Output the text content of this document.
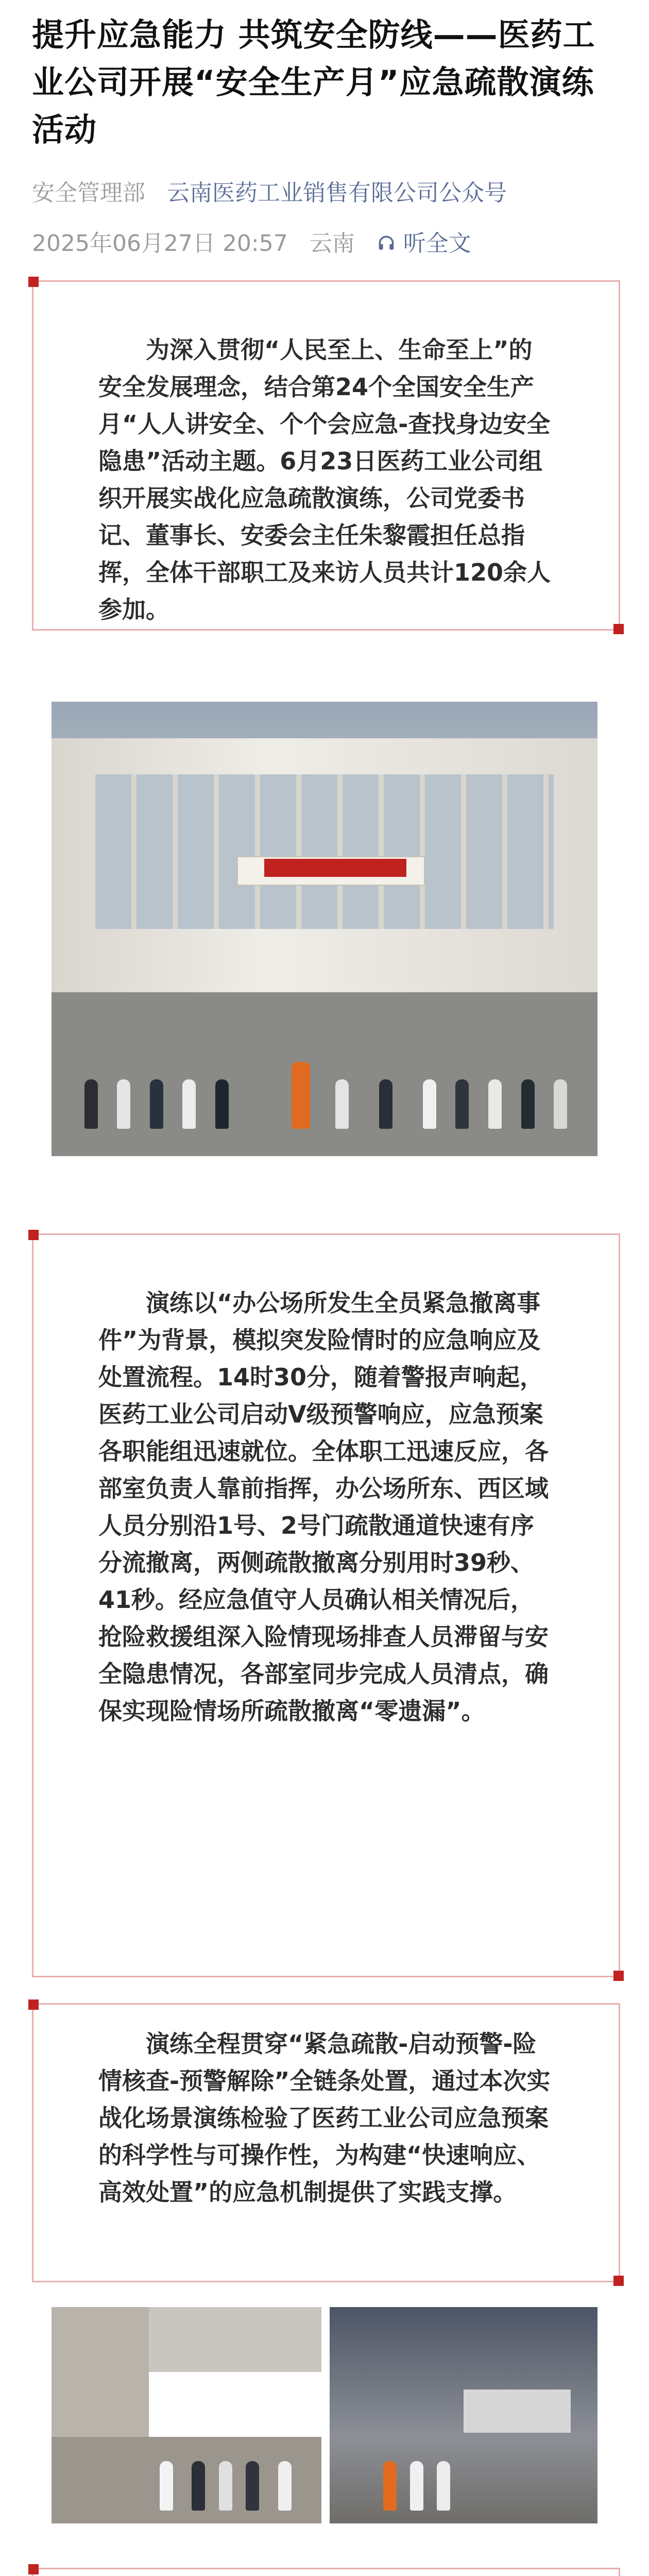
提升应急能力 共筑安全防线——医药工业公司开展“安全生产月”应急疏散演练活动
安全管理部 云南医药工业销售有限公司公众号
2025年06月27日 20:57 云南 听全文

为深入贯彻“人民至上、生命至上”的安全发展理念，结合第24个全国安全生产月“人人讲安全、个个会应急-查找身边安全隐患”活动主题。6月23日医药工业公司组织开展实战化应急疏散演练，公司党委书记、董事长、安委会主任朱黎霞担任总指挥，全体干部职工及来访人员共计120余人参加。

演练以“办公场所发生全员紧急撤离事件”为背景，模拟突发险情时的应急响应及处置流程。14时30分，随着警报声响起，医药工业公司启动V级预警响应，应急预案各职能组迅速就位。全体职工迅速反应，各部室负责人靠前指挥，办公场所东、西区域人员分别沿1号、2号门疏散通道快速有序分流撤离，两侧疏散撤离分别用时39秒、41秒。经应急值守人员确认相关情况后，抢险救援组深入险情现场排查人员滞留与安全隐患情况，各部室同步完成人员清点，确保实现险情场所疏散撤离“零遗漏”。

演练全程贯穿“紧急疏散-启动预警-险情核查-预警解除”全链条处置，通过本次实战化场景演练检验了医药工业公司应急预案的科学性与可操作性，为构建“快速响应、高效处置”的应急机制提供了实践支撑。
